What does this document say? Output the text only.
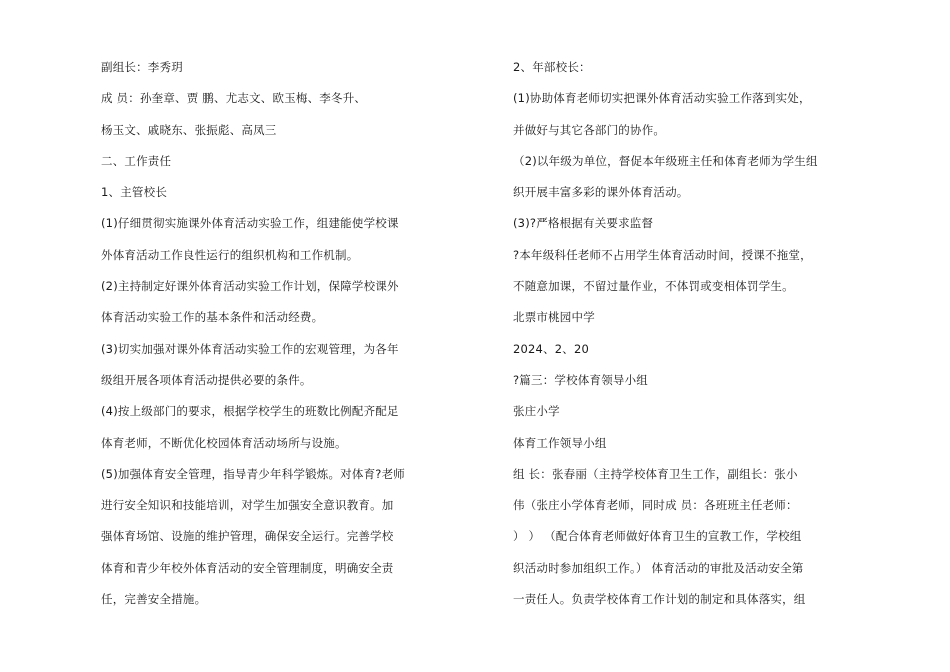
副组长：李秀玥
成 员：孙奎章、贾 鹏、尤志文、欧玉梅、李冬升、
杨玉文、戚晓东、张振彪、高凤三
二、工作责任
1、主管校长
(1)仔细贯彻实施课外体育活动实验工作，组建能使学校课
外体育活动工作良性运行的组织机构和工作机制。
(2)主持制定好课外体育活动实验工作计划，保障学校课外
体育活动实验工作的基本条件和活动经费。
(3)切实加强对课外体育活动实验工作的宏观管理，为各年
级组开展各项体育活动提供必要的条件。
(4)按上级部门的要求，根据学校学生的班数比例配齐配足
体育老师，不断优化校园体育活动场所与设施。
(5)加强体育安全管理，指导青少年科学锻炼。对体育?老师
进行安全知识和技能培训，对学生加强安全意识教育。加
强体育场馆、设施的维护管理，确保安全运行。完善学校
体育和青少年校外体育活动的安全管理制度，明确安全责
任，完善安全措施。
2、年部校长：
(1)协助体育老师切实把课外体育活动实验工作落到实处，
并做好与其它各部门的协作。
（2)以年级为单位，督促本年级班主任和体育老师为学生组
织开展丰富多彩的课外体育活动。
(3)?严格根据有关要求监督
?本年级科任老师不占用学生体育活动时间，授课不拖堂，
不随意加课，不留过量作业，不体罚或变相体罚学生。
北票市桃园中学
2024、2、20
?篇三：学校体育领导小组
张庄小学
体育工作领导小组
组 长：张春丽（主持学校体育卫生工作，副组长：张小
伟（张庄小学体育老师，同时成 员：各班班主任老师：
） ） （配合体育老师做好体育卫生的宣教工作，学校组
织活动时参加组织工作。） 体育活动的审批及活动安全第
一责任人。负责学校体育工作计划的制定和具体落实，组
